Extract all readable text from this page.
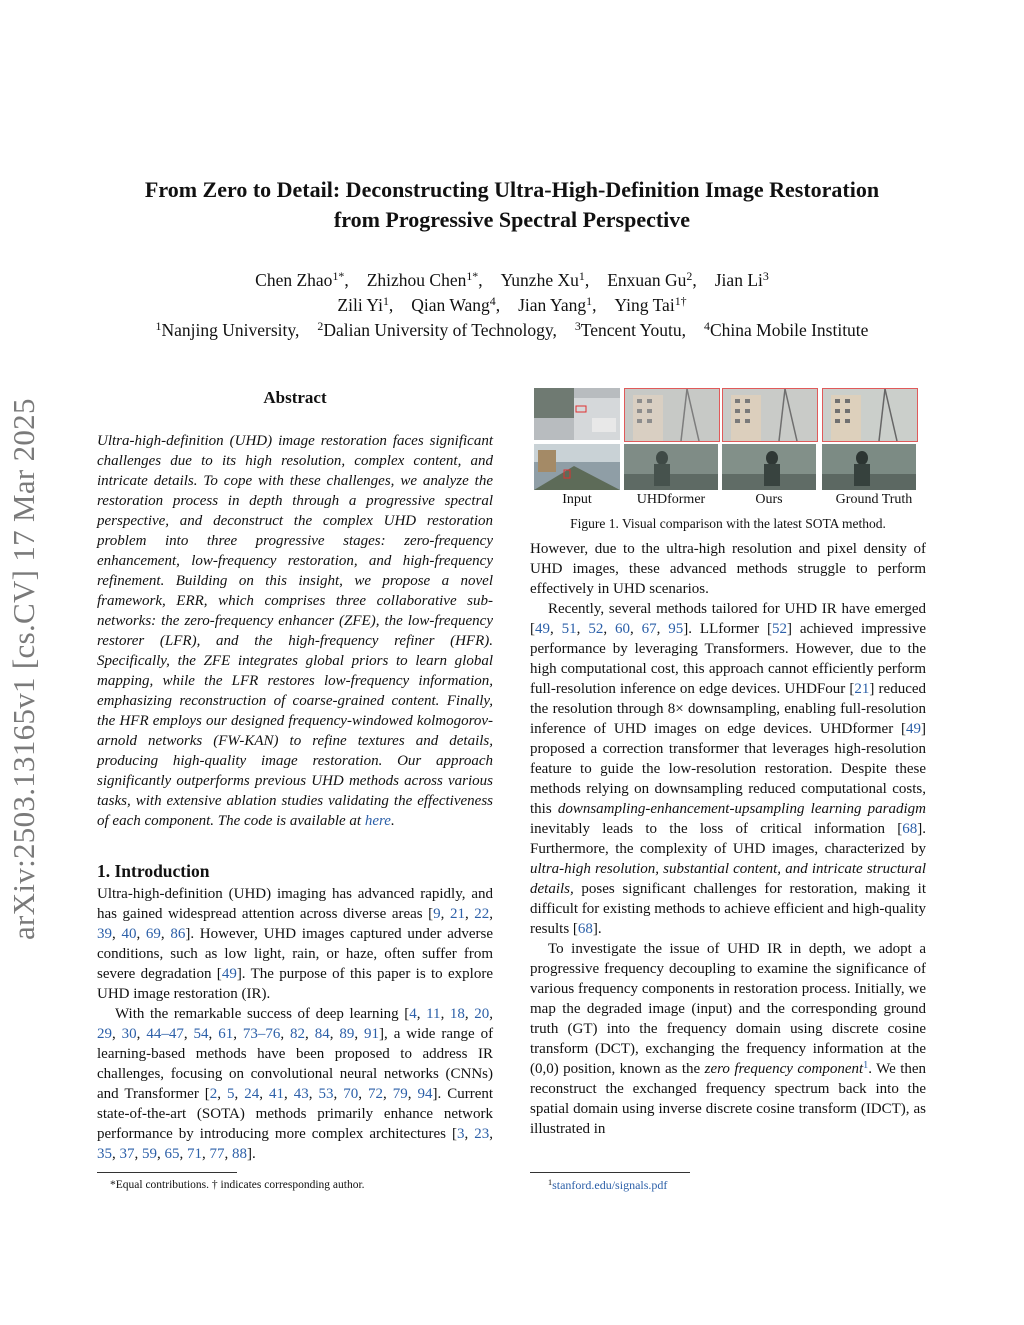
arXiv:2503.13165v1 [cs.CV] 17 Mar 2025
From Zero to Detail: Deconstructing Ultra-High-Definition Image Restoration
from Progressive Spectral Perspective
Chen Zhao$^{1*}$, Zhizhou Chen$^{1*}$, Yunzhe Xu$^1$, Enxuan Gu$^2$, Jian Li$^3$
Zili Yi$^1$, Qian Wang$^4$, Jian Yang$^1$, Ying Tai$^{1\dagger}$
$^1$Nanjing University, $^2$Dalian University of Technology, $^3$Tencent Youtu, $^4$China Mobile Institute
Abstract
Ultra-high-definition (UHD) image restoration faces significant challenges due to its high resolution, complex content, and intricate details. To cope with these challenges, we analyze the restoration process in depth through a progressive spectral perspective, and deconstruct the complex UHD restoration problem into three progressive stages: zero-frequency enhancement, low-frequency restoration, and high-frequency refinement. Building on this insight, we propose a novel framework, ERR, which comprises three collaborative sub-networks: the zero-frequency enhancer (ZFE), the low-frequency restorer (LFR), and the high-frequency refiner (HFR). Specifically, the ZFE integrates global priors to learn global mapping, while the LFR restores low-frequency information, emphasizing reconstruction of coarse-grained content. Finally, the HFR employs our designed frequency-windowed kolmogorov-arnold networks (FW-KAN) to refine textures and details, producing high-quality image restoration. Our approach significantly outperforms previous UHD methods across various tasks, with extensive ablation studies validating the effectiveness of each component. The code is available at here.
1. Introduction

Ultra-high-definition (UHD) imaging has advanced rapidly, and has gained widespread attention across diverse areas [9, 21, 22, 39, 40, 69, 86]. However, UHD images captured under adverse conditions, such as low light, rain, or haze, often suffer from severe degradation [49]. The purpose of this paper is to explore UHD image restoration (IR).

With the remarkable success of deep learning [4, 11, 18, 20, 29, 30, 44–47, 54, 61, 73–76, 82, 84, 89, 91], a wide range of learning-based methods have been proposed to address IR challenges, focusing on convolutional neural networks (CNNs) and Transformer [2, 5, 24, 41, 43, 53, 70, 72, 79, 94]. Current state-of-the-art (SOTA) methods primarily enhance network performance by introducing more complex architectures [3, 23, 35, 37, 59, 65, 71, 77, 88].

*Equal contributions. † indicates corresponding author.
Input	UHDformer	Ours	Ground Truth
Figure 1. Visual comparison with the latest SOTA method.

However, due to the ultra-high resolution and pixel density of UHD images, these advanced methods struggle to perform effectively in UHD scenarios.

Recently, several methods tailored for UHD IR have emerged [49, 51, 52, 60, 67, 95]. LLformer [52] achieved impressive performance by leveraging Transformers. However, due to the high computational cost, this approach cannot efficiently perform full-resolution inference on edge devices. UHDFour [21] reduced the resolution through 8× downsampling, enabling full-resolution inference of UHD images on edge devices. UHDformer [49] proposed a correction transformer that leverages high-resolution feature to guide the low-resolution restoration. Despite these methods relying on downsampling reduced computational costs, this downsampling-enhancement-upsampling learning paradigm inevitably leads to the loss of critical information [68]. Furthermore, the complexity of UHD images, characterized by ultra-high resolution, substantial content, and intricate structural details, poses significant challenges for restoration, making it difficult for existing methods to achieve efficient and high-quality results [68].

To investigate the issue of UHD IR in depth, we adopt a progressive frequency decoupling to examine the significance of various frequency components in restoration process. Initially, we map the degraded image (input) and the corresponding ground truth (GT) into the frequency domain using discrete cosine transform (DCT), exchanging the frequency information at the (0,0) position, known as the zero frequency component$^1$. We then reconstruct the exchanged frequency spectrum back into the spatial domain using inverse discrete cosine transform (IDCT), as illustrated in

$^1$stanford.edu/signals.pdf
